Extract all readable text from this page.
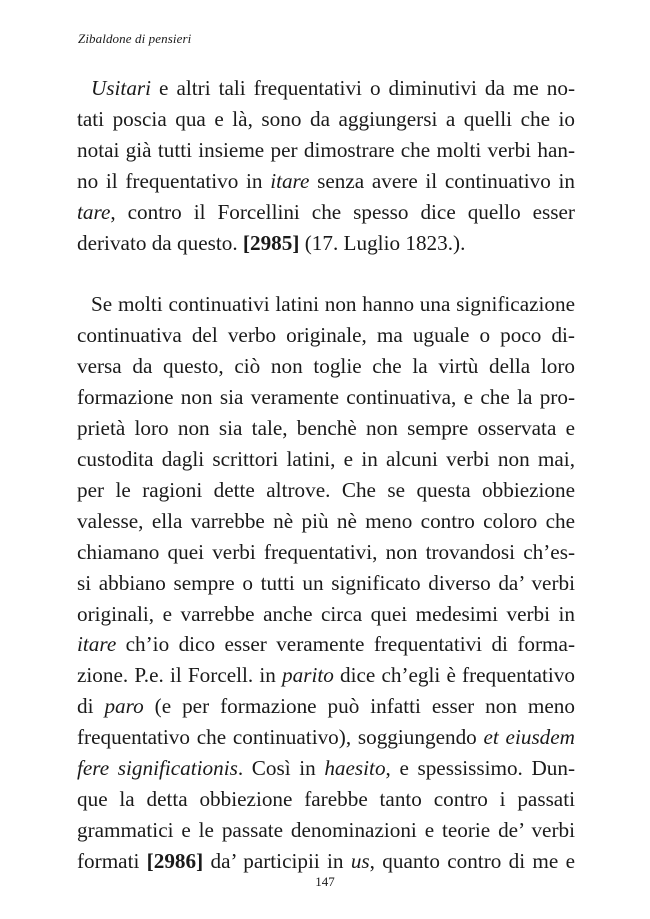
Zibaldone di pensieri

Usitari e altri tali frequentativi o diminutivi da me no-
tati poscia qua e là, sono da aggiungersi a quelli che io
notai già tutti insieme per dimostrare che molti verbi han-
no il frequentativo in itare senza avere il continuativo in
tare, contro il Forcellini che spesso dice quello esser
derivato da questo. [2985] (17. Luglio 1823.).

Se molti continuativi latini non hanno una significazione
continuativa del verbo originale, ma uguale o poco di-
versa da questo, ciò non toglie che la virtù della loro
formazione non sia veramente continuativa, e che la pro-
prietà loro non sia tale, benchè non sempre osservata e
custodita dagli scrittori latini, e in alcuni verbi non mai,
per le ragioni dette altrove. Che se questa obbiezione
valesse, ella varrebbe nè più nè meno contro coloro che
chiamano quei verbi frequentativi, non trovandosi ch’es-
si abbiano sempre o tutti un significato diverso da’ verbi
originali, e varrebbe anche circa quei medesimi verbi in
itare ch’io dico esser veramente frequentativi di forma-
zione. P.e. il Forcell. in parito dice ch’egli è frequentativo
di paro (e per formazione può infatti esser non meno
frequentativo che continuativo), soggiungendo et eiusdem
fere significationis. Così in haesito, e spessissimo. Dun-
que la detta obbiezione farebbe tanto contro i passati
grammatici e le passate denominazioni e teorie de’ verbi
formati [2986] da’ participii in us, quanto contro di me e

147
